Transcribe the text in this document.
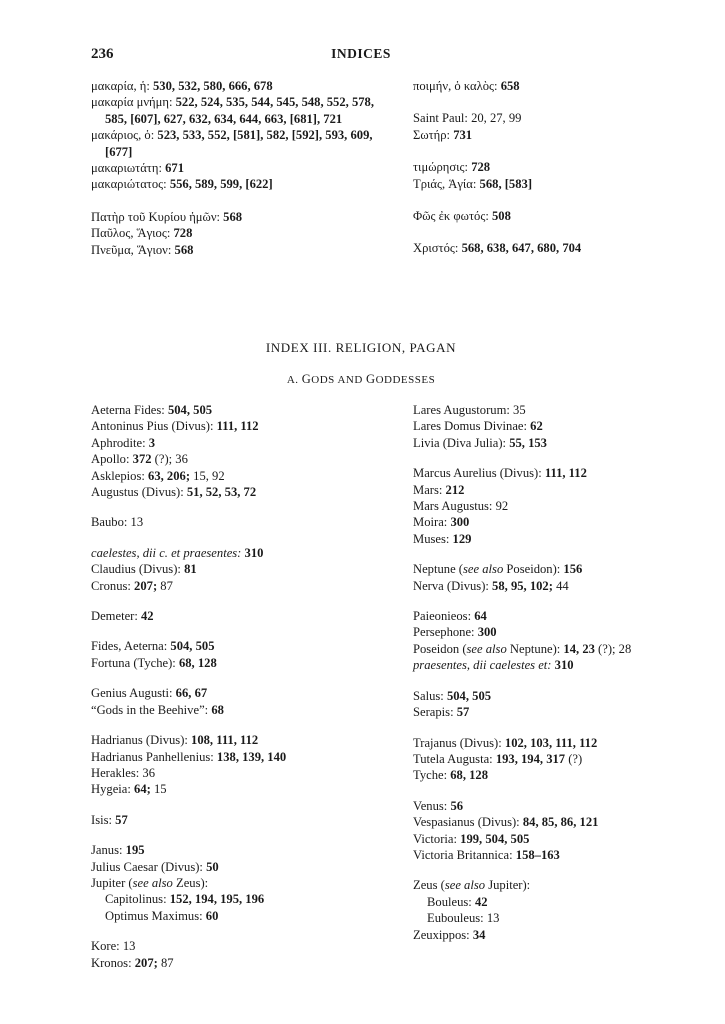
236	INDICES
μακαρία, ἡ: 530, 532, 580, 666, 678
μακαρία μνήμη: 522, 524, 535, 544, 545, 548, 552, 578, 585, [607], 627, 632, 634, 644, 663, [681], 721
μακάριος, ὁ: 523, 533, 552, [581], 582, [592], 593, 609, [677]
μακαριωτάτη: 671
μακαριώτατος: 556, 589, 599, [622]
Πατὴρ τοῦ Κυρίου ἡμῶν: 568
Παῦλος, Ἅγιος: 728
Πνεῦμα, Ἅγιον: 568
ποιμήν, ὁ καλὸς: 658
Saint Paul: 20, 27, 99
Σωτήρ: 731
τιμώρησις: 728
Τριάς, Ἁγία: 568, [583]
Φῶς ἐκ φωτός: 508
Χριστός: 568, 638, 647, 680, 704
INDEX III. RELIGION, PAGAN
A. GODS AND GODDESSES
Aeterna Fides: 504, 505
Antoninus Pius (Divus): 111, 112
Aphrodite: 3
Apollo: 372 (?); 36
Asklepios: 63, 206; 15, 92
Augustus (Divus): 51, 52, 53, 72
Baubo: 13
caelestes, dii c. et praesentes: 310
Claudius (Divus): 81
Cronus: 207; 87
Demeter: 42
Fides, Aeterna: 504, 505
Fortuna (Tyche): 68, 128
Genius Augusti: 66, 67
“Gods in the Beehive”: 68
Hadrianus (Divus): 108, 111, 112
Hadrianus Panhellenius: 138, 139, 140
Herakles: 36
Hygeia: 64; 15
Isis: 57
Janus: 195
Julius Caesar (Divus): 50
Jupiter (see also Zeus):
Capitolinus: 152, 194, 195, 196
Optimus Maximus: 60
Kore: 13
Kronos: 207; 87
Lares Augustorum: 35
Lares Domus Divinae: 62
Livia (Diva Julia): 55, 153
Marcus Aurelius (Divus): 111, 112
Mars: 212
Mars Augustus: 92
Moira: 300
Muses: 129
Neptune (see also Poseidon): 156
Nerva (Divus): 58, 95, 102; 44
Paieonieos: 64
Persephone: 300
Poseidon (see also Neptune): 14, 23 (?); 28
praesentes, dii caelestes et: 310
Salus: 504, 505
Serapis: 57
Trajanus (Divus): 102, 103, 111, 112
Tutela Augusta: 193, 194, 317 (?)
Tyche: 68, 128
Venus: 56
Vespasianus (Divus): 84, 85, 86, 121
Victoria: 199, 504, 505
Victoria Britannica: 158–163
Zeus (see also Jupiter):
Bouleus: 42
Eubouleus: 13
Zeuxippos: 34
